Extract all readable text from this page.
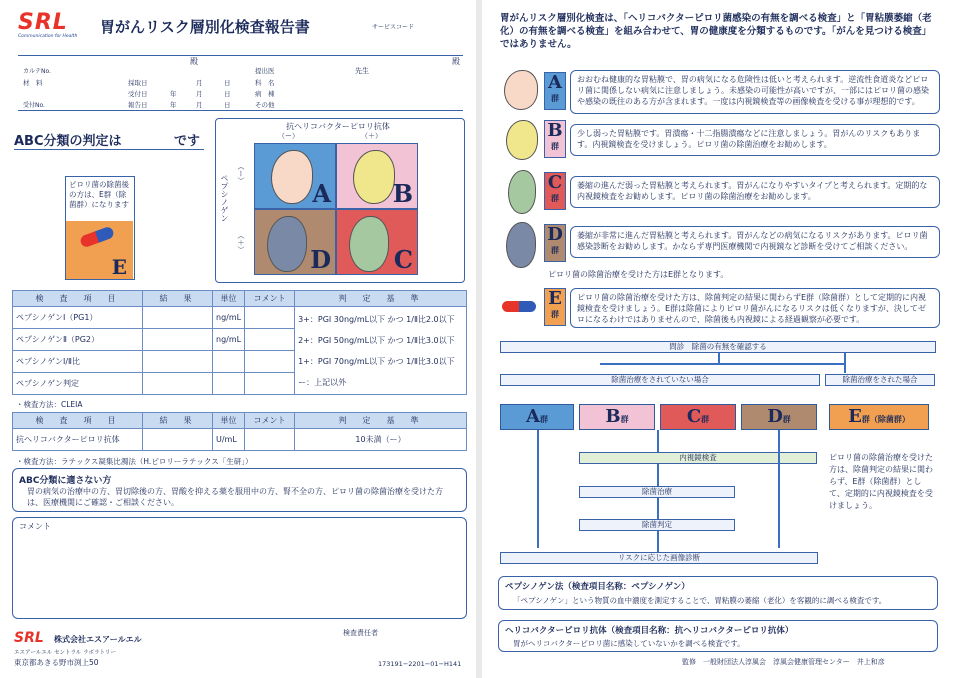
SRL
Communication for Health
胃がんリスク層別化検査報告書	サービスコード
殿	殿
カルテNo.
材　料	採取日	月	日
受付日	年	月	日
受付No.	報告日	年	月	日
提出医	先生
科　名
病　棟
その他
ABC分類の判定は	です
抗ヘリコバクターピロリ抗体
（ー）	（＋）
ペプシノゲン
（ー）
（＋）
A	B
D	C
ピロリ菌の除菌後の方は、E群（除菌群）になります
E
検　査　項　目	結　果	単位	コメント	判　定　基　準
ペプシノゲンⅠ（PG1）		ng/mL		3+：PGⅠ 30ng/mL以下 かつ 1/Ⅱ比2.0以下
2+：PGⅠ 50ng/mL以下 かつ 1/Ⅱ比3.0以下
1+：PGⅠ 70ng/mL以下 かつ 1/Ⅱ比3.0以下
ー：上記以外

ペプシノゲンⅡ（PG2）		ng/mL		
ペプシノゲンⅠ/Ⅱ比				
ペプシノゲン判定				
・検査方法：CLEIA
検　査　項　目	結　果	単位	コメント	判　定　基　準
抗ヘリコバクターピロリ抗体		U/mL		10未満（ー）
・検査方法：ラテックス凝集比濁法（H.ピロリーラテックス「生研」）
ABC分類に適さない方
胃の病気の治療中の方、胃切除後の方、胃酸を抑える薬を服用中の方、腎不全の方、ピロリ菌の除菌治療を受けた方は、医療機関にご確認・ご相談ください。
コメント
検査責任者
SRL 株式会社エスアールエル
エスアールエル セントラル ラボラトリー
東京都あきる野市渕上50	173191−2201−01−H141
胃がんリスク層別化検査は、「ヘリコバクターピロリ菌感染の有無を調べる検査」と「胃粘膜萎縮（老化）の有無を調べる検査」を組み合わせて、胃の健康度を分類するものです。「がんを見つける検査」ではありません。
A
群
おおむね健康的な胃粘膜で、胃の病気になる危険性は低いと考えられます。逆流性食道炎などピロリ菌に関係しない病気に注意しましょう。未感染の可能性が高いですが、一部にはピロリ菌の感染や感染の既往のある方が含まれます。一度は内視鏡検査等の画像検査を受ける事が理想的です。
B
群
少し弱った胃粘膜です。胃潰瘍・十二指腸潰瘍などに注意しましょう。胃がんのリスクもあります。内視鏡検査を受けましょう。ピロリ菌の除菌治療をお勧めします。
C
群
萎縮の進んだ弱った胃粘膜と考えられます。胃がんになりやすいタイプと考えられます。定期的な内視鏡検査をお勧めします。ピロリ菌の除菌治療をお勧めします。
D
群
萎縮が非常に進んだ胃粘膜と考えられます。胃がんなどの病気になるリスクがあります。ピロリ菌感染診断をお勧めします。かならず専門医療機関で内視鏡など診断を受けてご相談ください。
ピロリ菌の除菌治療を受けた方はE群となります。
E
群
ピロリ菌の除菌治療を受けた方は、除菌判定の結果に関わらずE群（除菌群）として定期的に内視鏡検査を受けましょう。E群は除菌によりピロリ菌がんになるリスクは低くなりますが、決してゼロになるわけではありませんので、除菌後も内視鏡による経過観察が必要です。
問診　除菌の有無を確認する
除菌治療をされていない場合	除菌治療をされた場合
A群	B群	C群	D群	E群（除菌群）
内視鏡検査
除菌治療
除菌判定
リスクに応じた画像診断
ピロリ菌の除菌治療を受けた方は、除菌判定の結果に関わらず、E群（除菌群）として、定期的に内視鏡検査を受けましょう。
ペプシノゲン法（検査項目名称：ペプシノゲン）
「ペプシノゲン」という物質の血中濃度を測定することで、胃粘膜の萎縮（老化）を客観的に調べる検査です。
ヘリコバクターピロリ抗体（検査項目名称：抗ヘリコバクターピロリ抗体）
胃がヘリコバクターピロリ菌に感染していないかを調べる検査です。
監修　一般財団法人淳風会　淳風会健康管理センター　井上和彦
